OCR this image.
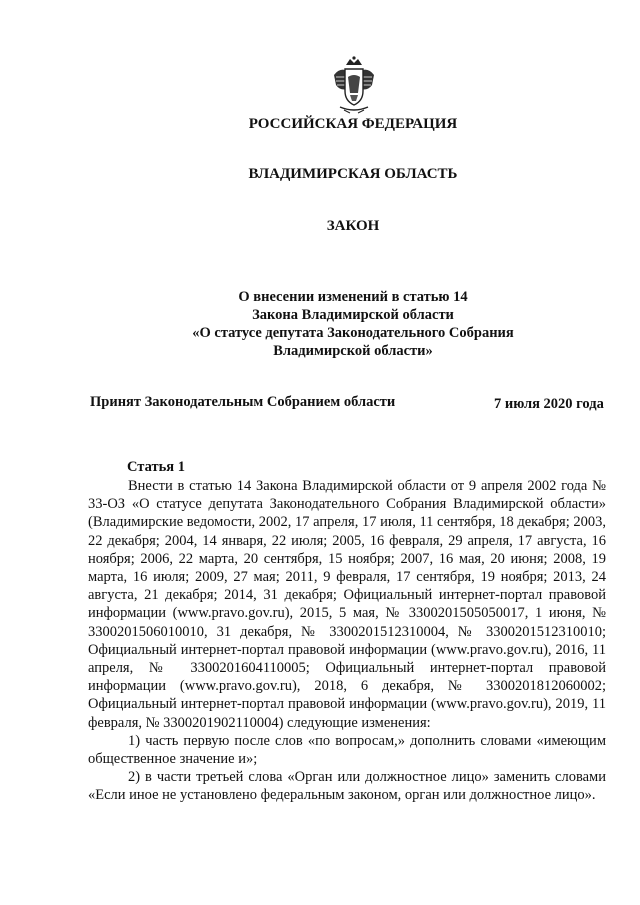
РОССИЙСКАЯ ФЕДЕРАЦИЯ
ВЛАДИМИРСКАЯ ОБЛАСТЬ
ЗАКОН
О внесении изменений в статью 14
Закона Владимирской области
«О статусе депутата Законодательного Собрания
Владимирской области»
Принят Законодательным Собранием области	7 июля 2020 года
Статья 1

Внести в статью 14 Закона Владимирской области от 9 апреля 2002 года № 33-ОЗ «О статусе депутата Законодательного Собрания Владимирской области» (Владимирские ведомости, 2002, 17 апреля, 17 июля, 11 сентября, 18 декабря; 2003, 22 декабря; 2004, 14 января, 22 июля; 2005, 16 февраля, 29 апреля, 17 августа, 16 ноября; 2006, 22 марта, 20 сентября, 15 ноября; 2007, 16 мая, 20 июня; 2008, 19 марта, 16 июля; 2009, 27 мая; 2011, 9 февраля, 17 сентября, 19 ноября; 2013, 24 августа, 21 декабря; 2014, 31 декабря; Официальный интернет-портал правовой информации (www.pravo.gov.ru), 2015, 5 мая, № 3300201505050017, 1 июня, № 3300201506010010, 31 декабря, № 3300201512310004, № 3300201512310010; Официальный интернет-портал правовой информации (www.pravo.gov.ru), 2016, 11 апреля, № 3300201604110005; Официальный интернет-портал правовой информации (www.pravo.gov.ru), 2018, 6 декабря, № 3300201812060002; Официальный интернет-портал правовой информации (www.pravo.gov.ru), 2019, 11 февраля, № 3300201902110004) следующие изменения:

1) часть первую после слов «по вопросам,» дополнить словами «имеющим общественное значение и»;

2) в части третьей слова «Орган или должностное лицо» заменить словами «Если иное не установлено федеральным законом, орган или должностное лицо».
